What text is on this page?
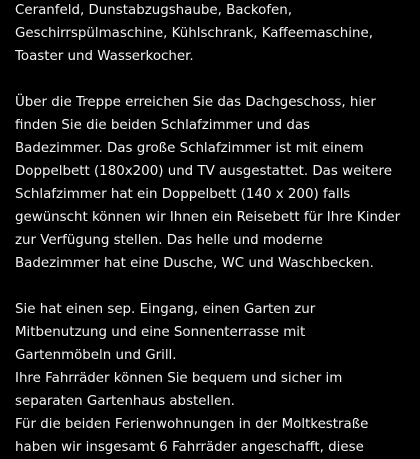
Ceranfeld, Dunstabzugshaube, Backofen,
Geschirrspülmaschine, Kühlschrank, Kaffeemaschine,
Toaster und Wasserkocher.
Über die Treppe erreichen Sie das Dachgeschoss, hier
finden Sie die beiden Schlafzimmer und das
Badezimmer. Das große Schlafzimmer ist mit einem
Doppelbett (180x200) und TV ausgestattet. Das weitere
Schlafzimmer hat ein Doppelbett (140 x 200) falls
gewünscht können wir Ihnen ein Reisebett für Ihre Kinder
zur Verfügung stellen. Das helle und moderne
Badezimmer hat eine Dusche, WC und Waschbecken.
Sie hat einen sep. Eingang, einen Garten zur
Mitbenutzung und eine Sonnenterrasse mit
Gartenmöbeln und Grill.
Ihre Fahrräder können Sie bequem und sicher im
separaten Gartenhaus abstellen.
Für die beiden Ferienwohnungen in der Moltkestraße
haben wir insgesamt 6 Fahrräder angeschafft, diese
